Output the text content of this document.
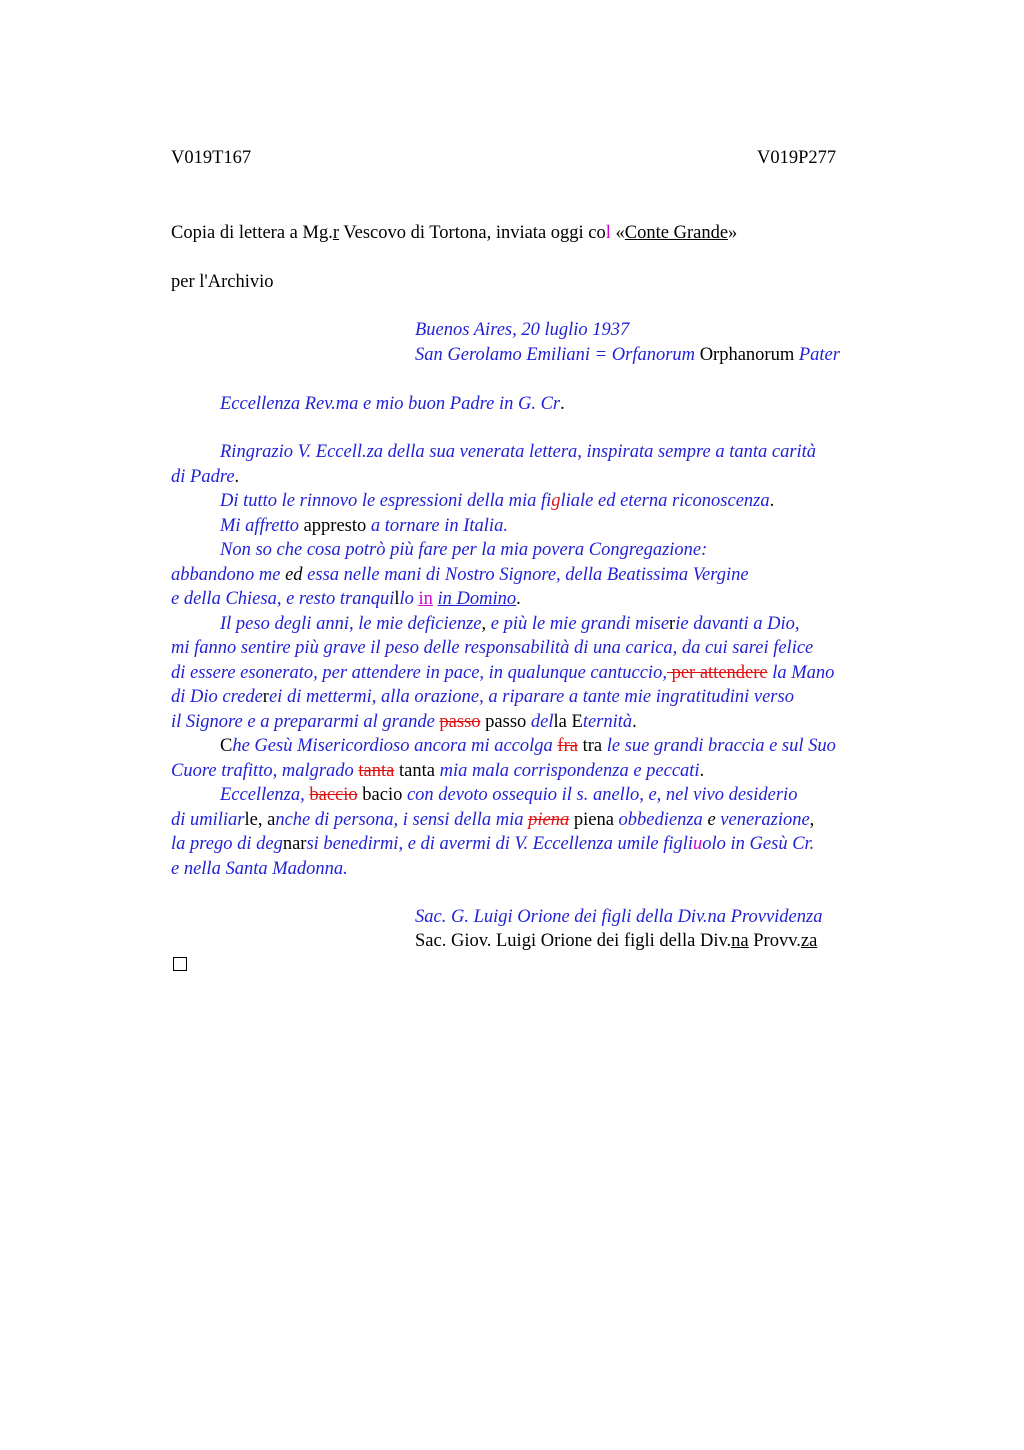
V019T167	V019P277
Copia di lettera a Mg.r Vescovo di Tortona, inviata oggi col «Conte Grande»
per l'Archivio
Buenos Aires, 20 luglio 1937
San Gerolamo Emiliani = Orfanorum Orphanorum Pater
Eccellenza Rev.ma e mio buon Padre in G. Cr.
Ringrazio V. Eccell.za della sua venerata lettera, inspirata sempre a tanta carità
di Padre.
Di tutto le rinnovo le espressioni della mia figliale ed eterna riconoscenza.
Mi affretto appresto a tornare in Italia.
Non so che cosa potrò più fare per la mia povera Congregazione:
abbandono me ed essa nelle mani di Nostro Signore, della Beatissima Vergine
e della Chiesa, e resto tranquillo in in Domino.
Il peso degli anni, le mie deficienze, e più le mie grandi miserie davanti a Dio,
mi fanno sentire più grave il peso delle responsabilità di una carica, da cui sarei felice
di essere esonerato, per attendere in pace, in qualunque cantuccio, per attendere la Mano
di Dio crederei di mettermi, alla orazione, a riparare a tante mie ingratitudini verso
il Signore e a prepararmi al grande passo passo della Eternità.
Che Gesù Misericordioso ancora mi accolga fra tra le sue grandi braccia e sul Suo
Cuore trafitto, malgrado tanta tanta mia mala corrispondenza e peccati.
Eccellenza, baccio bacio con devoto ossequio il s. anello, e, nel vivo desiderio
di umiliarle, anche di persona, i sensi della mia piena piena obbedienza e venerazione,
la prego di degnarsi benedirmi, e di avermi di V. Eccellenza umile figliuolo in Gesù Cr.
e nella Santa Madonna.
Sac. G. Luigi Orione dei figli della Div.na Provvidenza
Sac. Giov. Luigi Orione dei figli della Div.na Provv.za
